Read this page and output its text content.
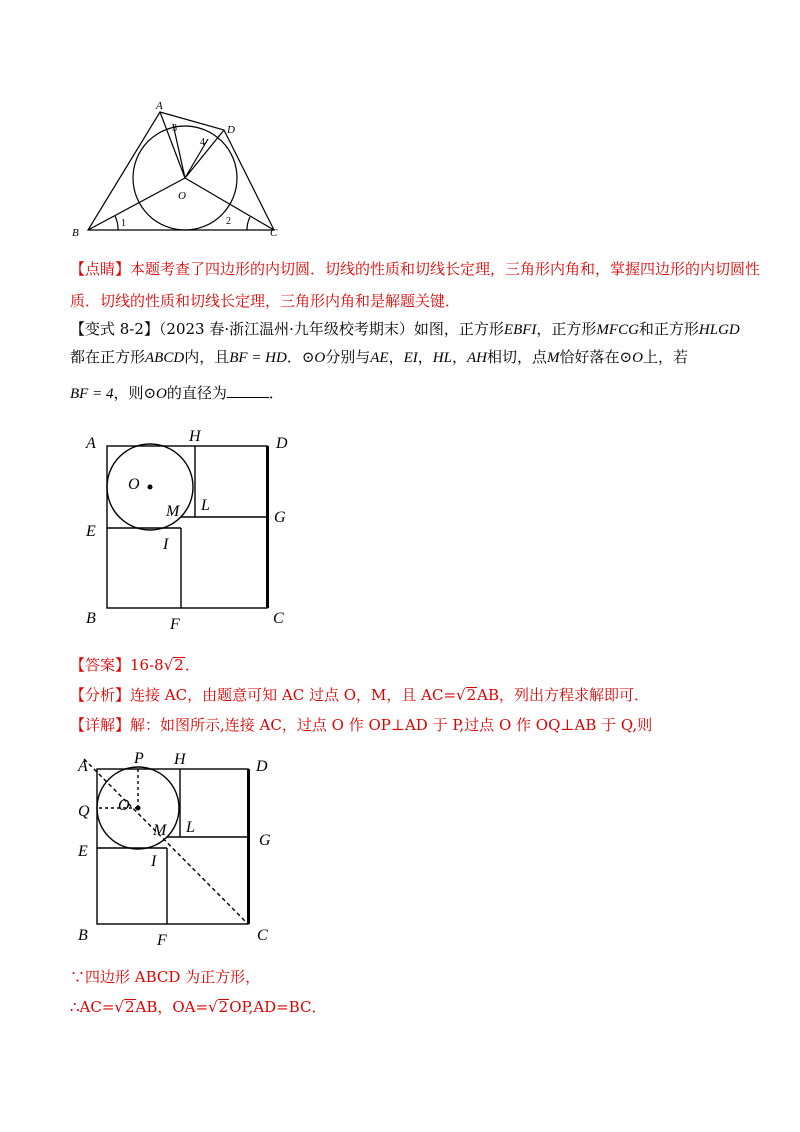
A
D
O
B	C
1	2
3
4
【点睛】本题考查了四边形的内切圆．切线的性质和切线长定理，三角形内角和，掌握四边形的内切圆性
质．切线的性质和切线长定理，三角形内角和是解题关键．
【变式 8-2】（2023 春·浙江温州·九年级校考期末）如图，正方形EBFI，正方形MFCG和正方形HLGD
都在正方形ABCD内，且BF = HD．⊙O分别与AE，EI，HL，AH相切，点M恰好落在⊙O上，若
BF = 4，则⊙O的直径为	．
A	H	D
O
M L
E
G
I
B	F	C
【答案】16-8√2．
【分析】连接 AC，由题意可知 AC 过点 O，M，且 AC=√2AB，列出方程求解即可．
【详解】解：如图所示,连接 AC，过点 O 作 OP⊥AD 于 P,过点 O 作 OQ⊥AB 于 Q,则
A	P H	D
Q O
M L
E
G
I
B	F	C
∵四边形 ABCD 为正方形，
∴AC=√2AB，OA=√2OP,AD=BC．
